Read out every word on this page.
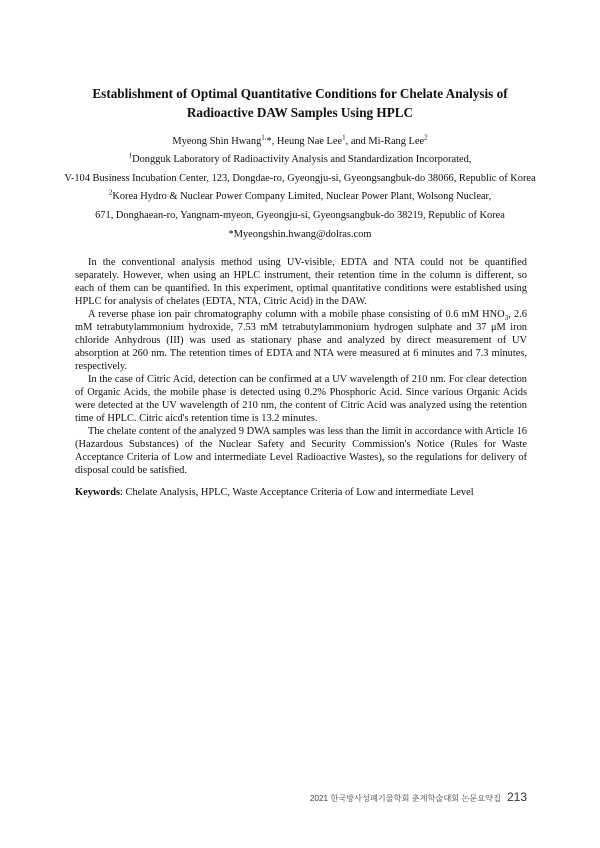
Establishment of Optimal Quantitative Conditions for Chelate Analysis of
Radioactive DAW Samples Using HPLC
Myeong Shin Hwang$^{1,}$*, Heung Nae Lee$^1$, and Mi-Rang Lee$^2$
$^1$Dongguk Laboratory of Radioactivity Analysis and Standardization Incorporated,
V-104 Business Incubation Center, 123, Dongdae-ro, Gyeongju-si, Gyeongsangbuk-do 38066, Republic of Korea
$^2$Korea Hydro & Nuclear Power Company Limited, Nuclear Power Plant, Wolsong Nuclear,
671, Donghaean-ro, Yangnam-myeon, Gyeongju-si, Gyeongsangbuk-do 38219, Republic of Korea
*Myeongshin.hwang@dolras.com

In the conventional analysis method using UV-visible, EDTA and NTA could not be quantified separately. However, when using an HPLC instrument, their retention time in the column is different, so each of them can be quantified. In this experiment, optimal quantitative conditions were established using HPLC for analysis of chelates (EDTA, NTA, Citric Acid) in the DAW.

A reverse phase ion pair chromatography column with a mobile phase consisting of 0.6 mM $HNO_3$, 2.6 mM tetrabutylammonium hydroxide, 7.53 mM tetrabutylammonium hydrogen sulphate and 37 μM iron chloride Anhydrous (III) was used as stationary phase and analyzed by direct measurement of UV absorption at 260 nm. The retention times of EDTA and NTA were measured at 6 minutes and 7.3 minutes, respectively.

In the case of Citric Acid, detection can be confirmed at a UV wavelength of 210 nm. For clear detection of Organic Acids, the mobile phase is detected using 0.2% Phosphoric Acid. Since various Organic Acids were detected at the UV wavelength of 210 nm, the content of Citric Acid was analyzed using the retention time of HPLC. Citric aicd's retention time is 13.2 minutes.

The chelate content of the analyzed 9 DWA samples was less than the limit in accordance with Article 16 (Hazardous Substances) of the Nuclear Safety and Security Commission's Notice (Rules for Waste Acceptance Criteria of Low and intermediate Level Radioactive Wastes), so the regulations for delivery of disposal could be satisfied.

Keywords: Chelate Analysis, HPLC, Waste Acceptance Criteria of Low and intermediate Level
2021 한국방사성폐기물학회 춘계학술대회 논문요약집 213
